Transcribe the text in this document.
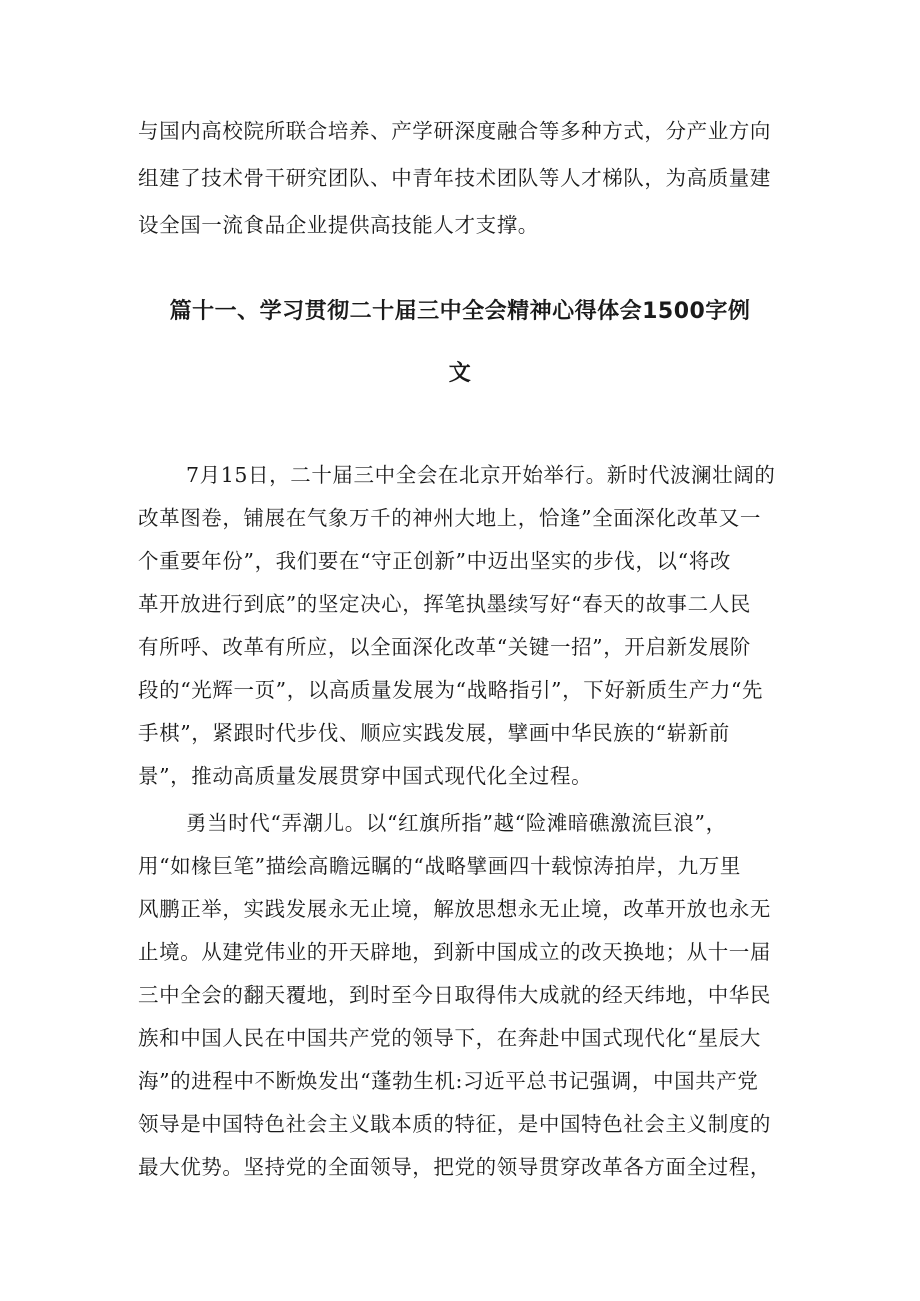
与国内高校院所联合培养、产学研深度融合等多种方式，分产业方向
组建了技术骨干研究团队、中青年技术团队等人才梯队，为高质量建
设全国一流食品企业提供高技能人才支撑。
篇十一、学习贯彻二十届三中全会精神心得体会1500字例
文
7月15日，二十届三中全会在北京开始举行。新时代波澜壮阔的
改革图卷，铺展在气象万千的神州大地上，恰逢”全面深化改革又一
个重要年份”，我们要在“守正创新”中迈出坚实的步伐，以“将改
革开放进行到底”的坚定决心，挥笔执墨续写好“春天的故事二人民
有所呼、改革有所应，以全面深化改革“关键一招”，开启新发展阶
段的“光辉一页”，以高质量发展为“战略指引”，下好新质生产力“先
手棋”，紧跟时代步伐、顺应实践发展，擘画中华民族的“崭新前
景”，推动高质量发展贯穿中国式现代化全过程。
勇当时代“弄潮儿。以“红旗所指”越“险滩暗礁激流巨浪”，
用“如椽巨笔”描绘高瞻远瞩的“战略擘画四十载惊涛拍岸，九万里
风鹏正举，实践发展永无止境，解放思想永无止境，改革开放也永无
止境。从建党伟业的开天辟地，到新中国成立的改天换地；从十一届
三中全会的翻天覆地，到时至今日取得伟大成就的经天纬地，中华民
族和中国人民在中国共产党的领导下，在奔赴中国式现代化“星辰大
海”的进程中不断焕发出“蓬勃生机:习近平总书记强调，中国共产党
领导是中国特色社会主义戢本质的特征，是中国特色社会主义制度的
最大优势。坚持党的全面领导，把党的领导贯穿改革各方面全过程，
